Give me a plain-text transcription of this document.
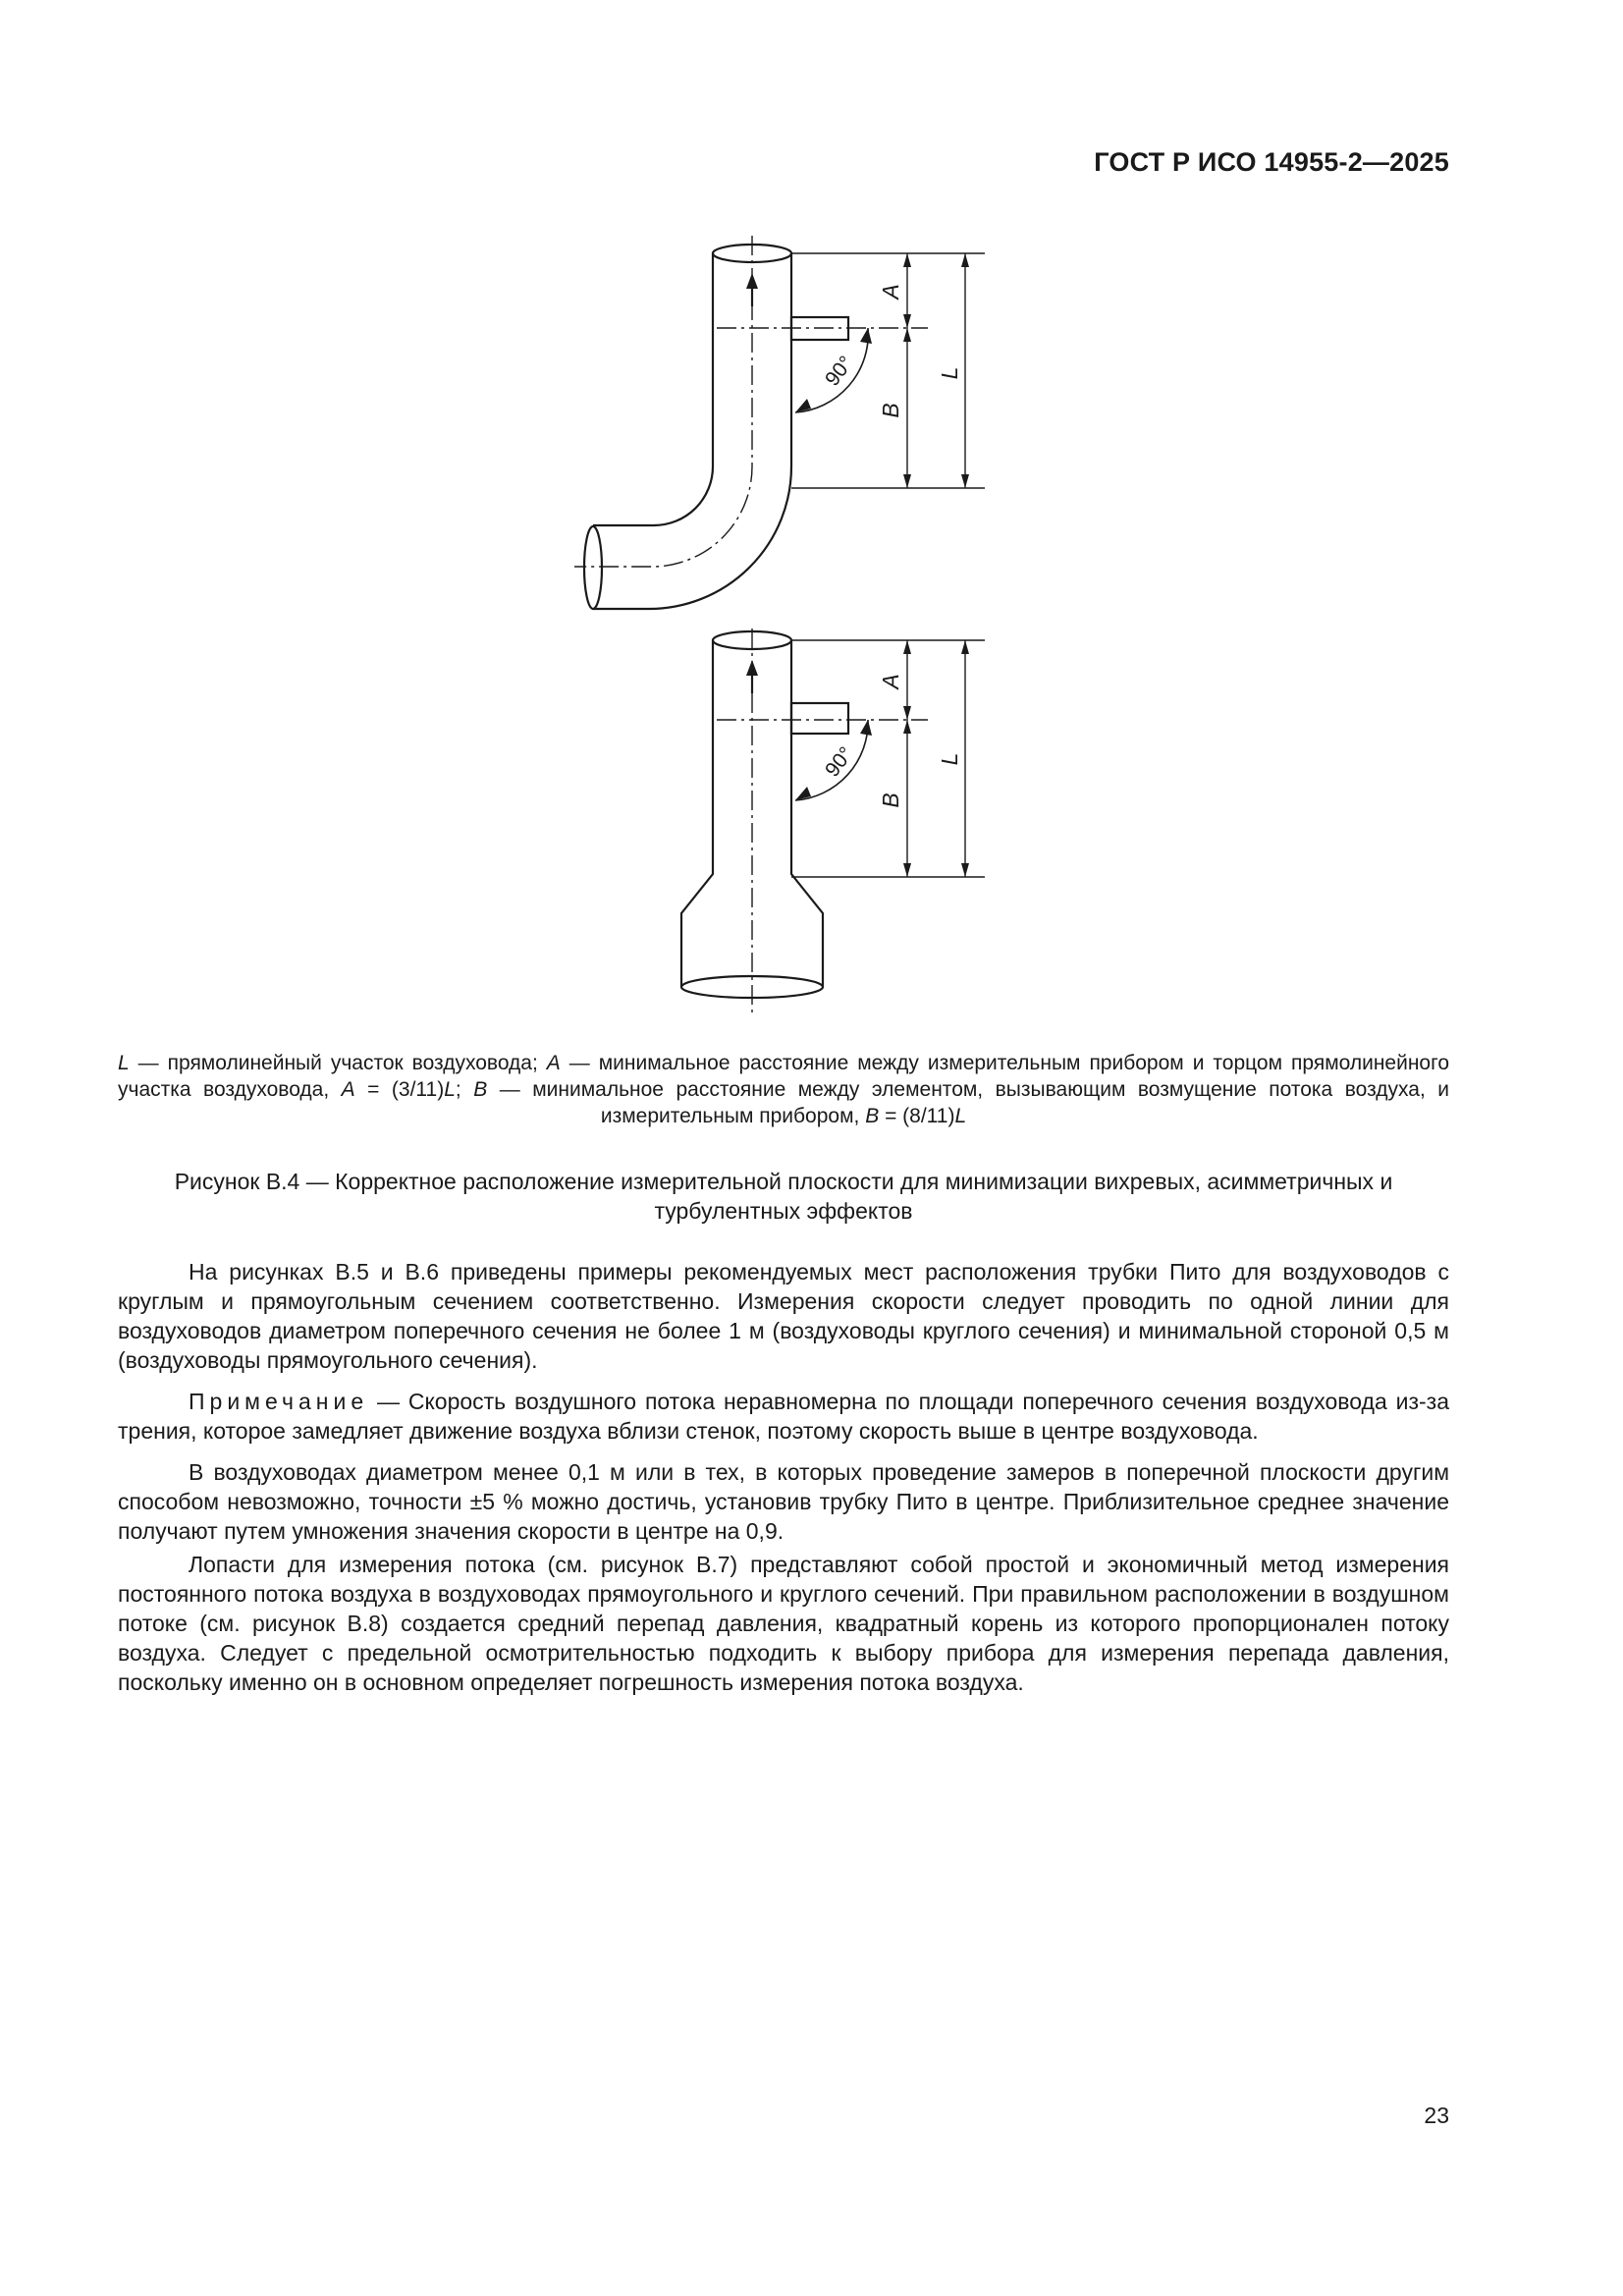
ГОСТ Р ИСО 14955-2—2025
A
B
L
90°
A
B
L
90°
L — прямолинейный участок воздуховода; A — минимальное расстояние между измерительным прибором и торцом прямолинейного участка воздуховода, A = (3/11)L; B — минимальное расстояние между элементом, вызывающим возмущение потока воздуха, и измерительным прибором, B = (8/11)L
Рисунок В.4 — Корректное расположение измерительной плоскости для минимизации вихревых, асимметричных и турбулентных эффектов

На рисунках В.5 и В.6 приведены примеры рекомендуемых мест расположения трубки Пито для воздуховодов с круглым и прямоугольным сечением соответственно. Измерения скорости следует проводить по одной линии для воздуховодов диаметром поперечного сечения не более 1 м (воздуховоды круглого сечения) и минимальной стороной 0,5 м (воздуховоды прямоугольного сечения).

Примечание — Скорость воздушного потока неравномерна по площади поперечного сечения воздуховода из-за трения, которое замедляет движение воздуха вблизи стенок, поэтому скорость выше в центре воздуховода.

В воздуховодах диаметром менее 0,1 м или в тех, в которых проведение замеров в поперечной плоскости другим способом невозможно, точности ±5 % можно достичь, установив трубку Пито в центре. Приблизительное среднее значение получают путем умножения значения скорости в центре на 0,9.

Лопасти для измерения потока (см. рисунок В.7) представляют собой простой и экономичный метод измерения постоянного потока воздуха в воздуховодах прямоугольного и круглого сечений. При правильном расположении в воздушном потоке (см. рисунок В.8) создается средний перепад давления, квадратный корень из которого пропорционален потоку воздуха. Следует с предельной осмотрительностью подходить к выбору прибора для измерения перепада давления, поскольку именно он в основном определяет погрешность измерения потока воздуха.

23
